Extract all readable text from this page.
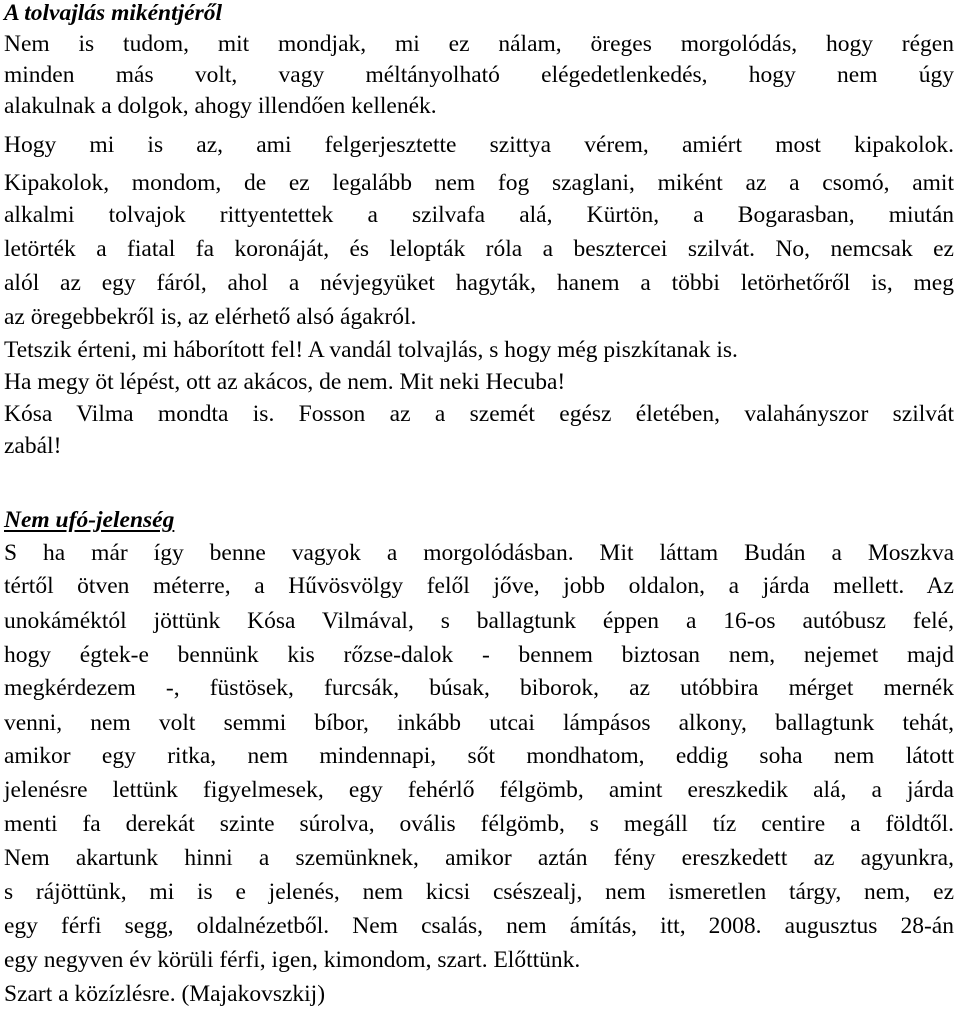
A tolvajlás mikéntjéről
Nem is tudom, mit mondjak, mi ez nálam, öreges morgolódás, hogy régen
minden más volt, vagy méltányolható elégedetlenkedés, hogy nem úgy
alakulnak a dolgok, ahogy illendően kellenék.
Hogy mi is az, ami felgerjesztette szittya vérem, amiért most kipakolok.
Kipakolok, mondom, de ez legalább nem fog szaglani, miként az a csomó, amit
alkalmi tolvajok rittyentettek a szilvafa alá, Kürtön, a Bogarasban, miután
letörték a fiatal fa koronáját, és lelopták róla a besztercei szilvát. No, nemcsak ez
alól az egy fáról, ahol a névjegyüket hagyták, hanem a többi letörhetőről is, meg
az öregebbekről is, az elérhető alsó ágakról.
Tetszik érteni, mi háborított fel! A vandál tolvajlás, s hogy még piszkítanak is.
Ha megy öt lépést, ott az akácos, de nem. Mit neki Hecuba!
Kósa Vilma mondta is. Fosson az a szemét egész életében, valahányszor szilvát
zabál!
Nem ufó-jelenség
S ha már így benne vagyok a morgolódásban. Mit láttam Budán a Moszkva
tértől ötven méterre, a Hűvösvölgy felől jőve, jobb oldalon, a járda mellett. Az
unokáméktól jöttünk Kósa Vilmával, s ballagtunk éppen a 16-os autóbusz felé,
hogy égtek-e bennünk kis rőzse-dalok - bennem biztosan nem, nejemet majd
megkérdezem -, füstösek, furcsák, búsak, biborok, az utóbbira mérget mernék
venni, nem volt semmi bíbor, inkább utcai lámpásos alkony, ballagtunk tehát,
amikor egy ritka, nem mindennapi, sőt mondhatom, eddig soha nem látott
jelenésre lettünk figyelmesek, egy fehérlő félgömb, amint ereszkedik alá, a járda
menti fa derekát szinte súrolva, ovális félgömb, s megáll tíz centire a földtől.
Nem akartunk hinni a szemünknek, amikor aztán fény ereszkedett az agyunkra,
s rájöttünk, mi is e jelenés, nem kicsi csészealj, nem ismeretlen tárgy, nem, ez
egy férfi segg, oldalnézetből. Nem csalás, nem ámítás, itt, 2008. augusztus 28-án
egy negyven év körüli férfi, igen, kimondom, szart. Előttünk.
Szart a közízlésre. (Majakovszkij)
